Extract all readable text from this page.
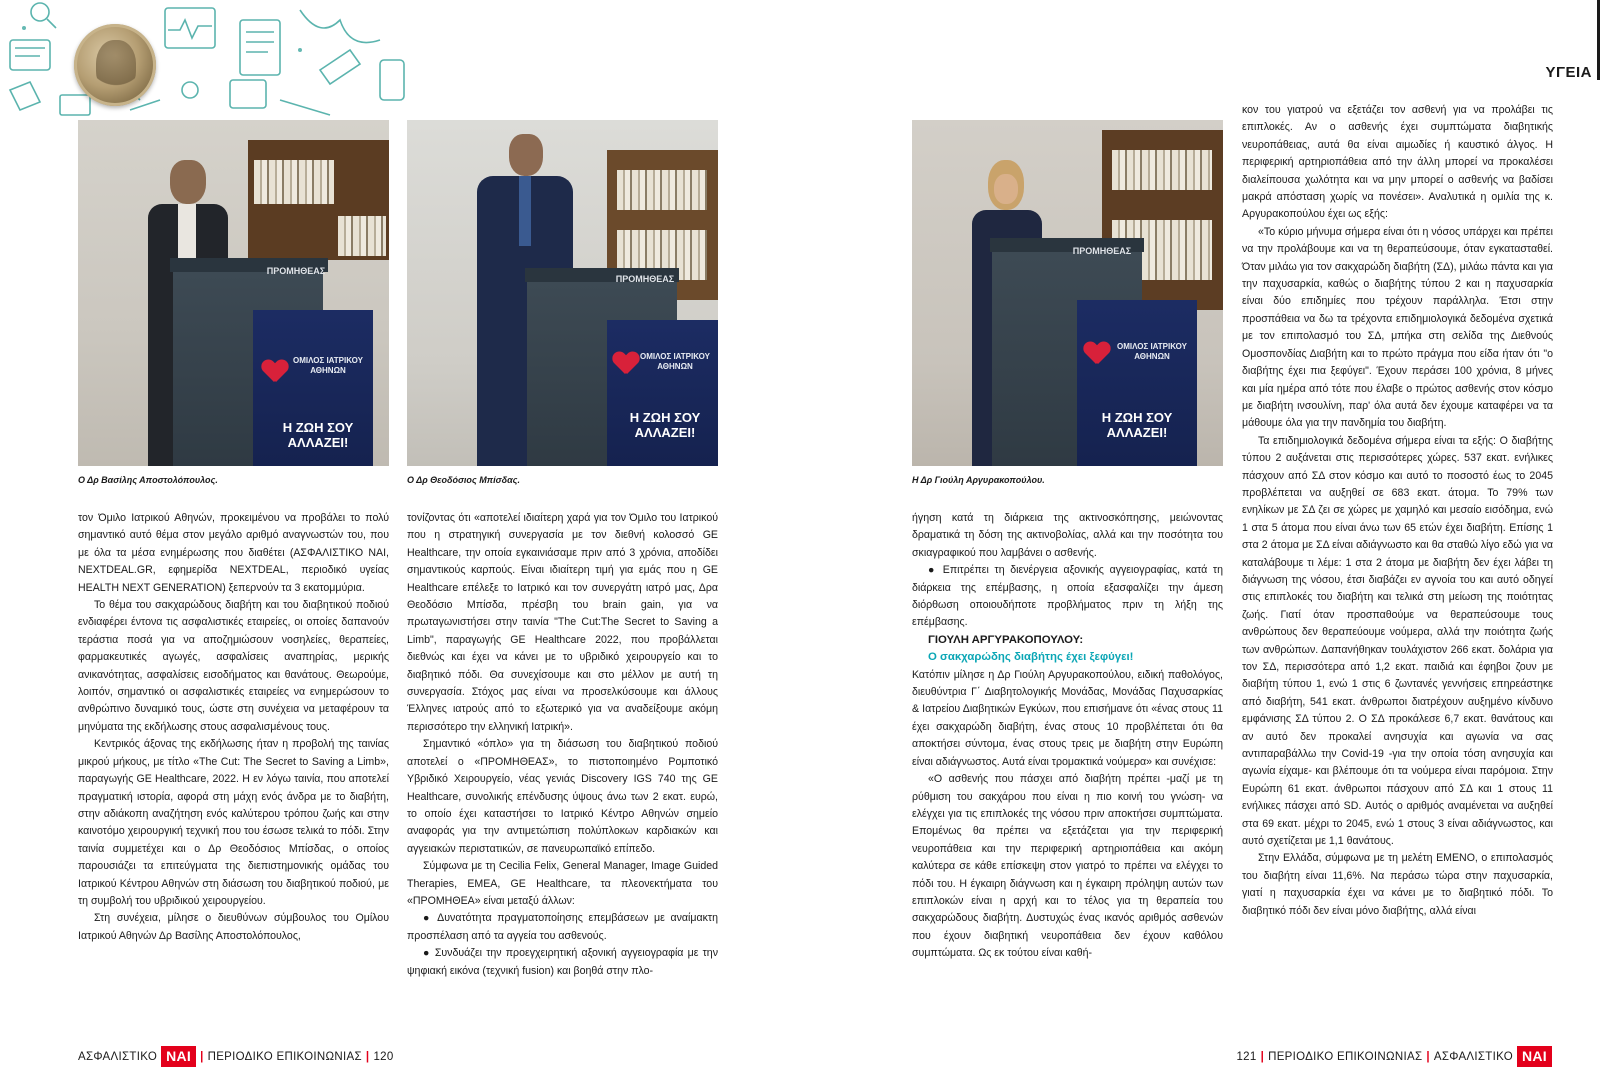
ΠΡΟΜΗΘΕΑΣ
ΟΜΙΛΟΣ ΙΑΤΡΙΚΟΥ ΑΘΗΝΩΝ
Η ΖΩΗ ΣΟΥ ΑΛΛΑΖΕΙ!
Ο Δρ Βασίλης Αποστολόπουλος.
ΠΡΟΜΗΘΕΑΣ
ΟΜΙΛΟΣ ΙΑΤΡΙΚΟΥ ΑΘΗΝΩΝ
Η ΖΩΗ ΣΟΥ ΑΛΛΑΖΕΙ!
Ο Δρ Θεοδόσιος Μπίσδας.

τον Όμιλο Ιατρικού Αθηνών, προκειμένου να προβάλει το πολύ σημαντικό αυτό θέμα στον μεγάλο αριθμό αναγνωστών του, που με όλα τα μέσα ενημέρωσης που διαθέτει (ΑΣΦΑΛΙΣΤΙΚΟ ΝΑΙ, NEXTDEAL.GR, εφημερίδα NEXTDEAL, περιοδικό υγείας HEALTH NEXT GENERATION) ξεπερνούν τα 3 εκατομμύρια.

Το θέμα του σακχαρώδους διαβήτη και του διαβητικού ποδιού ενδιαφέρει έντονα τις ασφαλιστικές εταιρείες, οι οποίες δαπανούν τεράστια ποσά για να αποζημιώσουν νοσηλείες, θεραπείες, φαρμακευτικές αγωγές, ασφαλίσεις αναπηρίας, μερικής ανικανότητας, ασφαλίσεις εισοδήματος και θανάτους. Θεωρούμε, λοιπόν, σημαντικό οι ασφαλιστικές εταιρείες να ενημερώσουν το ανθρώπινο δυναμικό τους, ώστε στη συνέχεια να μεταφέρουν τα μηνύματα της εκδήλωσης στους ασφαλισμένους τους.

Κεντρικός άξονας της εκδήλωσης ήταν η προβολή της ταινίας μικρού μήκους, με τίτλο «The Cut: The Secret to Saving a Limb», παραγωγής GE Healthcare, 2022. Η εν λόγω ταινία, που αποτελεί πραγματική ιστορία, αφορά στη μάχη ενός άνδρα με το διαβήτη, στην αδιάκοπη αναζήτηση ενός καλύτερου τρόπου ζωής και στην καινοτόμο χειρουργική τεχνική που του έσωσε τελικά το πόδι. Στην ταινία συμμετέχει και ο Δρ Θεοδόσιος Μπίσδας, ο οποίος παρουσιάζει τα επιτεύγματα της διεπιστημονικής ομάδας του Ιατρικού Κέντρου Αθηνών στη διάσωση του διαβητικού ποδιού, με τη συμβολή του υβριδικού χειρουργείου.

Στη συνέχεια, μίλησε ο διευθύνων σύμβουλος του Ομίλου Ιατρικού Αθηνών Δρ Βασίλης Αποστολόπουλος,

τονίζοντας ότι «αποτελεί ιδιαίτερη χαρά για τον Όμιλο του Ιατρικού που η στρατηγική συνεργασία με τον διεθνή κολοσσό GE Healthcare, την οποία εγκαινιάσαμε πριν από 3 χρόνια, αποδίδει σημαντικούς καρπούς. Είναι ιδιαίτερη τιμή για εμάς που η GE Healthcare επέλεξε το Ιατρικό και τον συνεργάτη ιατρό μας, Δρα Θεοδόσιο Μπίσδα, πρέσβη του brain gain, για να πρωταγωνιστήσει στην ταινία "The Cut:The Secret to Saving a Limb", παραγωγής GE Healthcare 2022, που προβάλλεται διεθνώς και έχει να κάνει με το υβριδικό χειρουργείο και το διαβητικό πόδι. Θα συνεχίσουμε και στο μέλλον με αυτή τη συνεργασία. Στόχος μας είναι να προσελκύσουμε και άλλους Έλληνες ιατρούς από το εξωτερικό για να αναδείξουμε ακόμη περισσότερο την ελληνική Ιατρική».

Σημαντικό «όπλο» για τη διάσωση του διαβητικού ποδιού αποτελεί ο «ΠΡΟΜΗΘΕΑΣ», το πιστοποιημένο Ρομποτικό Υβριδικό Χειρουργείο, νέας γενιάς Discovery IGS 740 της GE Healthcare, συνολικής επένδυσης ύψους άνω των 2 εκατ. ευρώ, το οποίο έχει καταστήσει το Ιατρικό Κέντρο Αθηνών σημείο αναφοράς για την αντιμετώπιση πολύπλοκων καρδιακών και αγγειακών περιστατικών, σε πανευρωπαϊκό επίπεδο.

Σύμφωνα με τη Cecilia Felix, General Manager, Image Guided Therapies, EMEA, GE Healthcare, τα πλεονεκτήματα του «ΠΡΟΜΗΘΕΑ» είναι μεταξύ άλλων:

● Δυνατότητα πραγματοποίησης επεμβάσεων με αναίμακτη προσπέλαση από τα αγγεία του ασθενούς.

● Συνδυάζει την προεγχειρητική αξονική αγγειογραφία με την ψηφιακή εικόνα (τεχνική fusion) και βοηθά στην πλο-

ΑΣΦΑΛΙΣΤΙΚΟ ΝΑΙ | ΠΕΡΙΟΔΙΚΟ ΕΠΙΚΟΙΝΩΝΙΑΣ | 120
ΥΓΕΙΑ
ΠΡΟΜΗΘΕΑΣ
ΟΜΙΛΟΣ ΙΑΤΡΙΚΟΥ ΑΘΗΝΩΝ
Η ΖΩΗ ΣΟΥ ΑΛΛΑΖΕΙ!
Η Δρ Γιούλη Αργυρακοπούλου.

ήγηση κατά τη διάρκεια της ακτινοσκόπησης, μειώνοντας δραματικά τη δόση της ακτινοβολίας, αλλά και την ποσότητα του σκιαγραφικού που λαμβάνει ο ασθενής.

● Επιτρέπει τη διενέργεια αξονικής αγγειογραφίας, κατά τη διάρκεια της επέμβασης, η οποία εξασφαλίζει την άμεση διόρθωση οποιουδήποτε προβλήματος πριν τη λήξη της επέμβασης.

ΓΙΟΥΛΗ ΑΡΓΥΡΑΚΟΠΟΥΛΟΥ:

Ο σακχαρώδης διαβήτης έχει ξεφύγει!

Κατόπιν μίλησε η Δρ Γιούλη Αργυρακοπούλου, ειδική παθολόγος, διευθύντρια Γ΄ Διαβητολογικής Μονάδας, Μονάδας Παχυσαρκίας & Ιατρείου Διαβητικών Εγκύων, που επισήμανε ότι «ένας στους 11 έχει σακχαρώδη διαβήτη, ένας στους 10 προβλέπεται ότι θα αποκτήσει σύντομα, ένας στους τρεις με διαβήτη στην Ευρώπη είναι αδιάγνωστος. Αυτά είναι τρομακτικά νούμερα» και συνέχισε:

«Ο ασθενής που πάσχει από διαβήτη πρέπει -μαζί με τη ρύθμιση του σακχάρου που είναι η πιο κοινή του γνώση- να ελέγχει για τις επιπλοκές της νόσου πριν αποκτήσει συμπτώματα. Επομένως θα πρέπει να εξετάζεται για την περιφερική νευροπάθεια και την περιφερική αρτηριοπάθεια και ακόμη καλύτερα σε κάθε επίσκεψη στον γιατρό το πρέπει να ελέγχει το πόδι του. Η έγκαιρη διάγνωση και η έγκαιρη πρόληψη αυτών των επιπλοκών είναι η αρχή και το τέλος για τη θεραπεία του σακχαρώδους διαβήτη. Δυστυχώς ένας ικανός αριθμός ασθενών που έχουν διαβητική νευροπάθεια δεν έχουν καθόλου συμπτώματα. Ως εκ τούτου είναι καθή-

κον του γιατρού να εξετάζει τον ασθενή για να προλάβει τις επιπλοκές. Αν ο ασθενής έχει συμπτώματα διαβητικής νευροπάθειας, αυτά θα είναι αιμωδίες ή καυστικό άλγος. Η περιφερική αρτηριοπάθεια από την άλλη μπορεί να προκαλέσει διαλείπουσα χωλότητα και να μην μπορεί ο ασθενής να βαδίσει μακρά απόσταση χωρίς να πονέσει». Αναλυτικά η ομιλία της κ. Αργυρακοπούλου έχει ως εξής:

«Το κύριο μήνυμα σήμερα είναι ότι η νόσος υπάρχει και πρέπει να την προλάβουμε και να τη θεραπεύσουμε, όταν εγκατασταθεί. Όταν μιλάω για τον σακχαρώδη διαβήτη (ΣΔ), μιλάω πάντα και για την παχυσαρκία, καθώς ο διαβήτης τύπου 2 και η παχυσαρκία είναι δύο επιδημίες που τρέχουν παράλληλα. Έτσι στην προσπάθεια να δω τα τρέχοντα επιδημιολογικά δεδομένα σχετικά με τον επιπολασμό του ΣΔ, μπήκα στη σελίδα της Διεθνούς Ομοσπονδίας Διαβήτη και το πρώτο πράγμα που είδα ήταν ότι "ο διαβήτης έχει πια ξεφύγει". Έχουν περάσει 100 χρόνια, 8 μήνες και μία ημέρα από τότε που έλαβε ο πρώτος ασθενής στον κόσμο με διαβήτη ινσουλίνη, παρ' όλα αυτά δεν έχουμε καταφέρει να τα μάθουμε όλα για την πανδημία του διαβήτη.

Τα επιδημιολογικά δεδομένα σήμερα είναι τα εξής: Ο διαβήτης τύπου 2 αυξάνεται στις περισσότερες χώρες. 537 εκατ. ενήλικες πάσχουν από ΣΔ στον κόσμο και αυτό το ποσοστό έως το 2045 προβλέπεται να αυξηθεί σε 683 εκατ. άτομα. Το 79% των ενηλίκων με ΣΔ ζει σε χώρες με χαμηλό και μεσαίο εισόδημα, ενώ 1 στα 5 άτομα που είναι άνω των 65 ετών έχει διαβήτη. Επίσης 1 στα 2 άτομα με ΣΔ είναι αδιάγνωστο και θα σταθώ λίγο εδώ για να καταλάβουμε τι λέμε: 1 στα 2 άτομα με διαβήτη δεν έχει λάβει τη διάγνωση της νόσου, έτσι διαβάζει εν αγνοία του και αυτό οδηγεί στις επιπλοκές του διαβήτη και τελικά στη μείωση της ποιότητας ζωής. Γιατί όταν προσπαθούμε να θεραπεύσουμε τους ανθρώπους δεν θεραπεύουμε νούμερα, αλλά την ποιότητα ζωής των ανθρώπων. Δαπανήθηκαν τουλάχιστον 266 εκατ. δολάρια για τον ΣΔ, περισσότερα από 1,2 εκατ. παιδιά και έφηβοι ζουν με διαβήτη τύπου 1, ενώ 1 στις 6 ζωντανές γεννήσεις επηρεάστηκε από διαβήτη, 541 εκατ. άνθρωποι διατρέχουν αυξημένο κίνδυνο εμφάνισης ΣΔ τύπου 2. Ο ΣΔ προκάλεσε 6,7 εκατ. θανάτους και αν αυτό δεν προκαλεί ανησυχία και αγωνία να σας αντιπαραβάλλω την Covid-19 -για την οποία τόση ανησυχία και αγωνία είχαμε- και βλέπουμε ότι τα νούμερα είναι παρόμοια. Στην Ευρώπη 61 εκατ. άνθρωποι πάσχουν από ΣΔ και 1 στους 11 ενήλικες πάσχει από SD. Αυτός ο αριθμός αναμένεται να αυξηθεί στα 69 εκατ. μέχρι το 2045, ενώ 1 στους 3 είναι αδιάγνωστος, και αυτό σχετίζεται με 1,1 θανάτους.

Στην Ελλάδα, σύμφωνα με τη μελέτη EMENO, ο επιπολασμός του διαβήτη είναι 11,6%. Να περάσω τώρα στην παχυσαρκία, γιατί η παχυσαρκία έχει να κάνει με το διαβητικό πόδι. Το διαβητικό πόδι δεν είναι μόνο διαβήτης, αλλά είναι

121 | ΠΕΡΙΟΔΙΚΟ ΕΠΙΚΟΙΝΩΝΙΑΣ | ΑΣΦΑΛΙΣΤΙΚΟ ΝΑΙ
